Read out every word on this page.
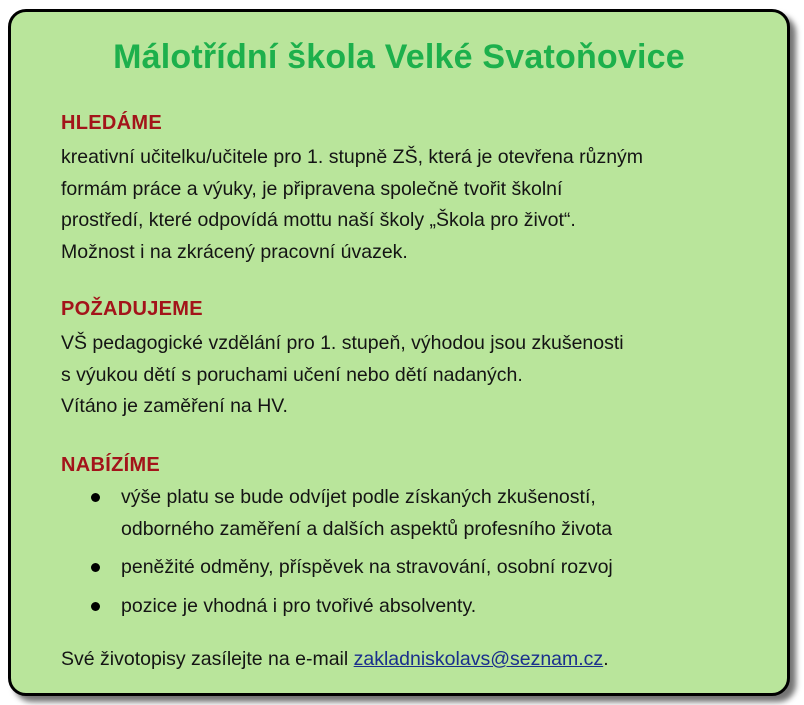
Málotřídní škola Velké Svatoňovice
HLEDÁME
kreativní učitelku/učitele pro 1. stupně ZŠ, která je otevřena různým
formám práce a výuky, je připravena společně tvořit školní
prostředí, které odpovídá mottu naší školy „Škola pro život“.
Možnost i na zkrácený pracovní úvazek.
POŽADUJEME
VŠ pedagogické vzdělání pro 1. stupeň, výhodou jsou zkušenosti
s výukou dětí s poruchami učení nebo dětí nadaných.
Vítáno je zaměření na HV.
NABÍZÍME
výše platu se bude odvíjet podle získaných zkušeností,
odborného zaměření a dalších aspektů profesního života
peněžité odměny, příspěvek na stravování, osobní rozvoj
pozice je vhodná i pro tvořivé absolventy.
Své životopisy zasílejte na e-mail zakladniskolavs@seznam.cz.
